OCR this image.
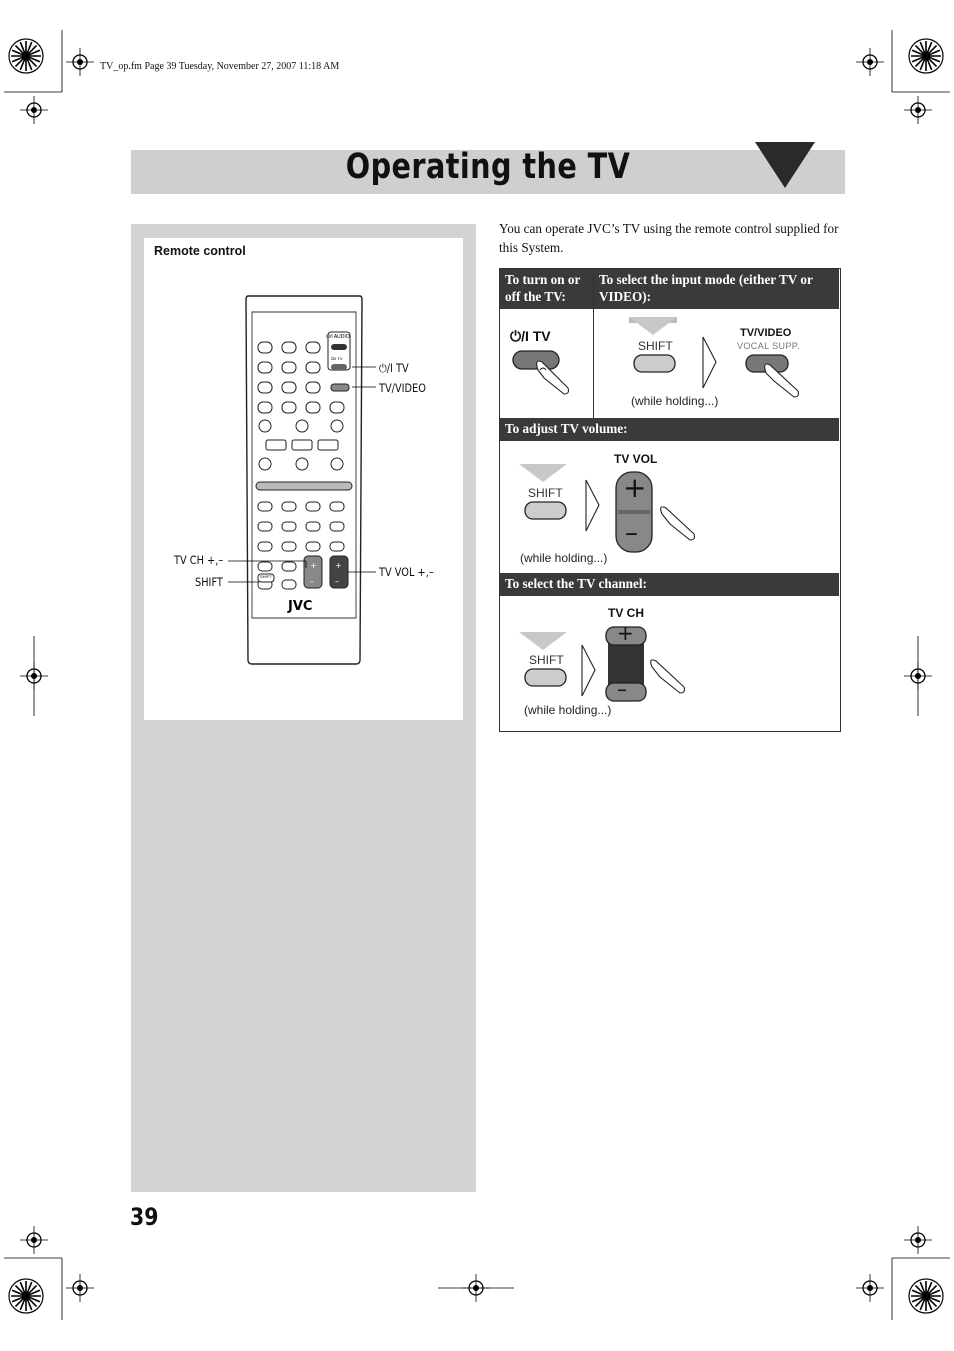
TV_op.fm Page 39 Tuesday, November 27, 2007 11:18 AM
Operating the TV
Remote control
⏻/I AUDIO
⏻/I TV
+ +
–	–
SHIFT
JVC
⏻/I TV
TV/VIDEO
TV CH +,–
SHIFT
TV VOL +,–
You can operate JVC’s TV using the remote control supplied for this System.
To turn on or off the TV:
To select the input mode (either TV or VIDEO):
⏻/I TV
SHIFT
TV/VIDEO
VOCAL SUPP.
(while holding...)
To adjust TV volume:
SHIFT
TV VOL
+
–
(while holding...)
To select the TV channel:
SHIFT
TV CH
+
–
(while holding...)
39
